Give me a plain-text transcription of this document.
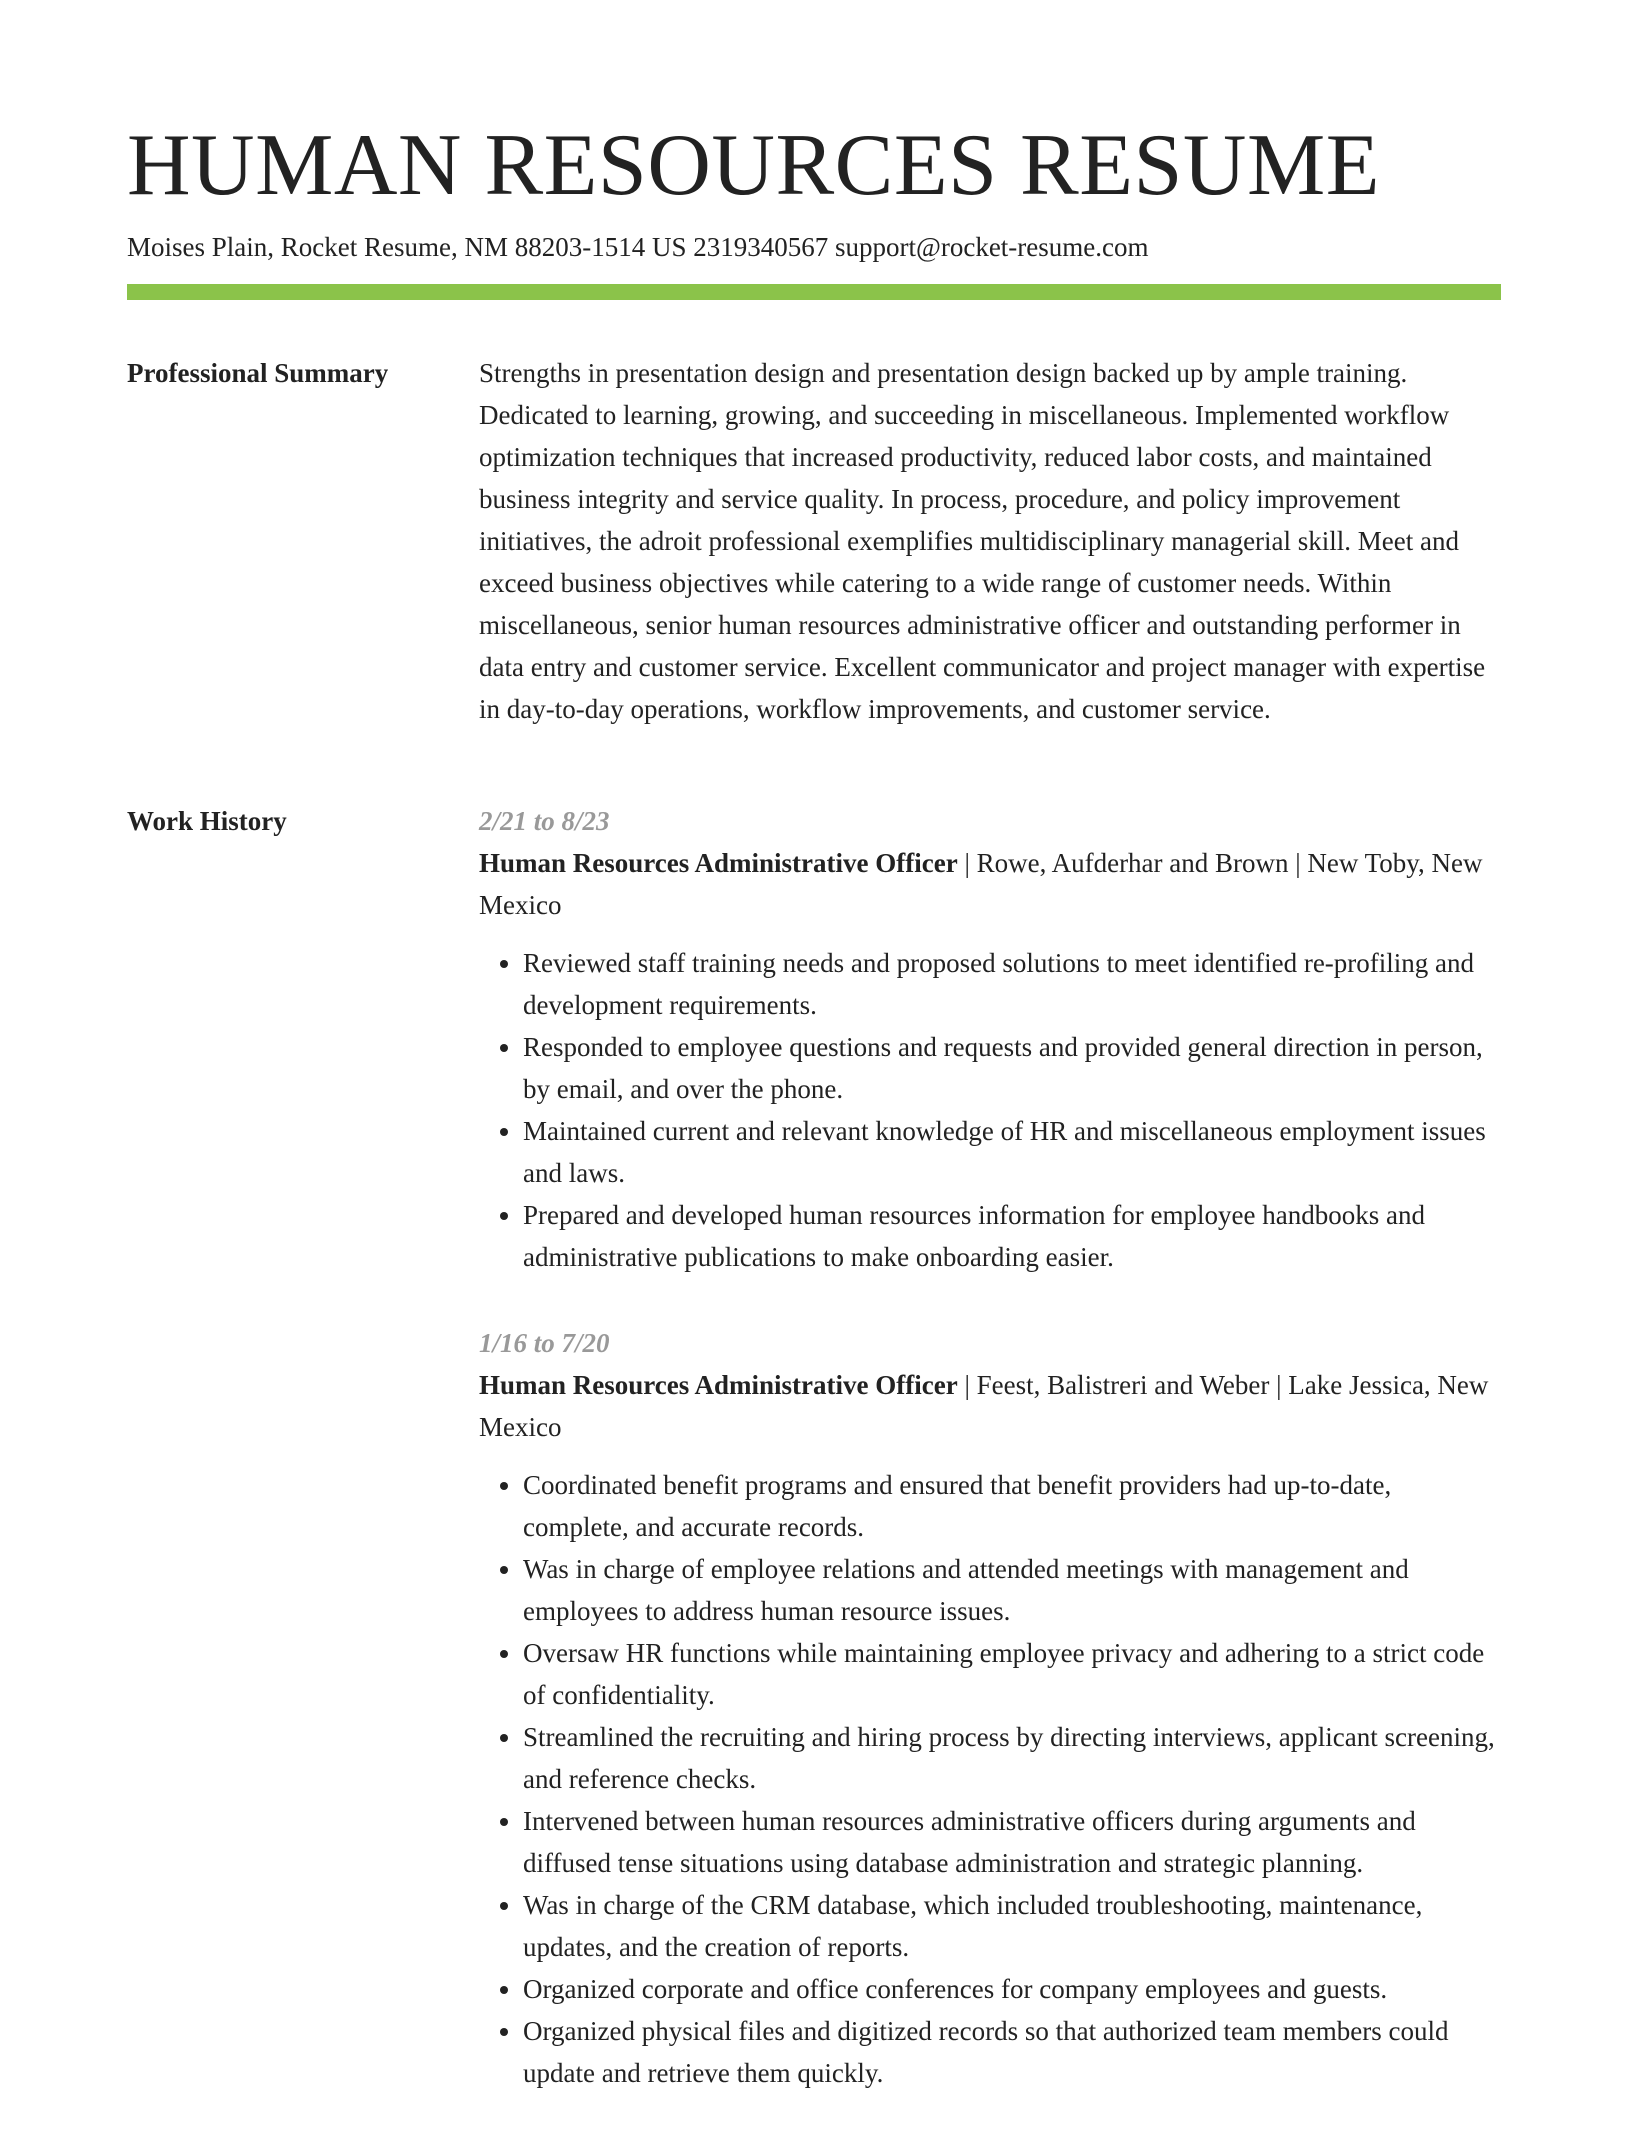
HUMAN RESOURCES RESUME
Moises Plain, Rocket Resume, NM 88203-1514 US 2319340567 support@rocket-resume.com
Professional Summary	Strengths in presentation design and presentation design backed up by ample training. Dedicated to learning, growing, and succeeding in miscellaneous. Implemented workflow optimization techniques that increased productivity, reduced labor costs, and maintained business integrity and service quality. In process, procedure, and policy improvement initiatives, the adroit professional exemplifies multidisciplinary managerial skill. Meet and exceed business objectives while catering to a wide range of customer needs. Within miscellaneous, senior human resources administrative officer and outstanding performer in data entry and customer service. Excellent communicator and project manager with expertise in day-to-day operations, workflow improvements, and customer service.

Work History	2/21 to 8/23
Human Resources Administrative Officer | Rowe, Aufderhar and Brown | New Toby, New Mexico
• Reviewed staff training needs and proposed solutions to meet identified re-profiling and development requirements.
• Responded to employee questions and requests and provided general direction in person, by email, and over the phone.
• Maintained current and relevant knowledge of HR and miscellaneous employment issues and laws.
• Prepared and developed human resources information for employee handbooks and administrative publications to make onboarding easier.
1/16 to 7/20
Human Resources Administrative Officer | Feest, Balistreri and Weber | Lake Jessica, New Mexico
• Coordinated benefit programs and ensured that benefit providers had up-to-date, complete, and accurate records.
• Was in charge of employee relations and attended meetings with management and employees to address human resource issues.
• Oversaw HR functions while maintaining employee privacy and adhering to a strict code of confidentiality.
• Streamlined the recruiting and hiring process by directing interviews, applicant screening, and reference checks.
• Intervened between human resources administrative officers during arguments and diffused tense situations using database administration and strategic planning.
• Was in charge of the CRM database, which included troubleshooting, maintenance, updates, and the creation of reports.
• Organized corporate and office conferences for company employees and guests.
• Organized physical files and digitized records so that authorized team members could update and retrieve them quickly.
